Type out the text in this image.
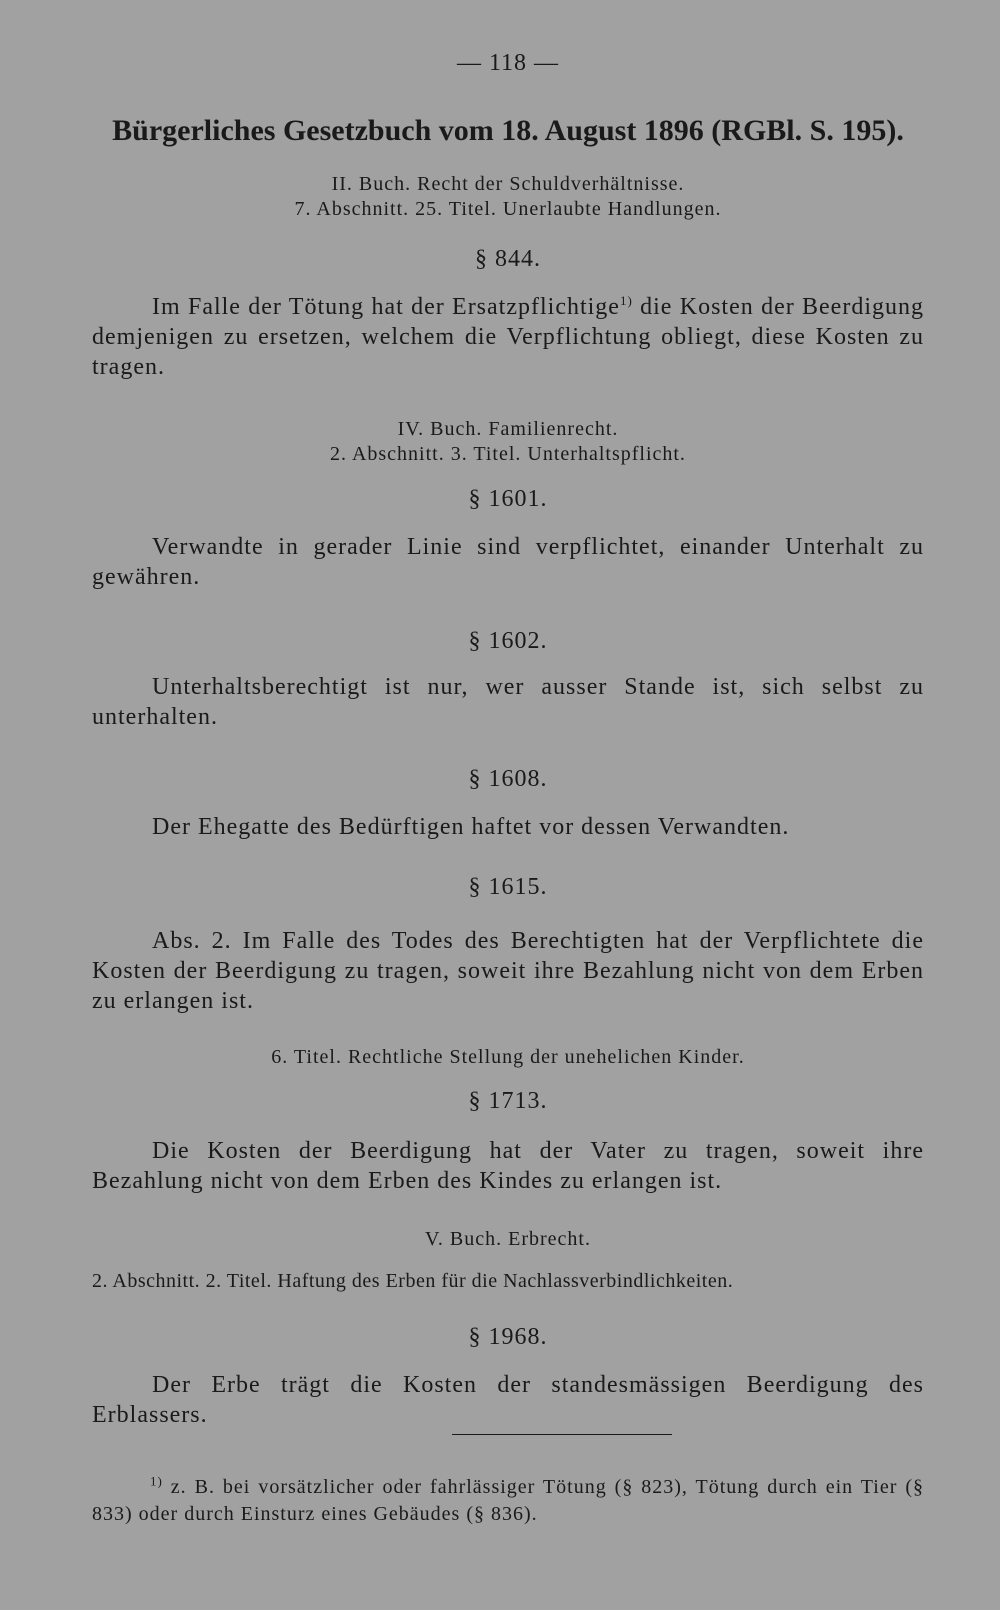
— 118 —
Bürgerliches Gesetzbuch vom 18. August 1896 (RGBl. S. 195).
II. Buch. Recht der Schuldverhältnisse.
7. Abschnitt. 25. Titel. Unerlaubte Handlungen.
§ 844.

Im Falle der Tötung hat der Ersatzpflichtige$^{1)}$ die Kosten der Beerdigung demjenigen zu ersetzen, welchem die Verpflichtung obliegt, diese Kosten zu tragen.

IV. Buch. Familienrecht.
2. Abschnitt. 3. Titel. Unterhaltspflicht.
§ 1601.

Verwandte in gerader Linie sind verpflichtet, einander Unterhalt zu gewähren.

§ 1602.

Unterhaltsberechtigt ist nur, wer ausser Stande ist, sich selbst zu unterhalten.

§ 1608.

Der Ehegatte des Bedürftigen haftet vor dessen Verwandten.

§ 1615.

Abs. 2. Im Falle des Todes des Berechtigten hat der Verpflichtete die Kosten der Beerdigung zu tragen, soweit ihre Bezahlung nicht von dem Erben zu erlangen ist.

6. Titel. Rechtliche Stellung der unehelichen Kinder.
§ 1713.

Die Kosten der Beerdigung hat der Vater zu tragen, soweit ihre Bezahlung nicht von dem Erben des Kindes zu erlangen ist.

V. Buch. Erbrecht.
2. Abschnitt. 2. Titel. Haftung des Erben für die Nachlassverbindlichkeiten.
§ 1968.

Der Erbe trägt die Kosten der standesmässigen Beerdigung des Erblassers.

$^{1)}$ z. B. bei vorsätzlicher oder fahrlässiger Tötung (§ 823), Tötung durch ein Tier (§ 833) oder durch Einsturz eines Gebäudes (§ 836).
